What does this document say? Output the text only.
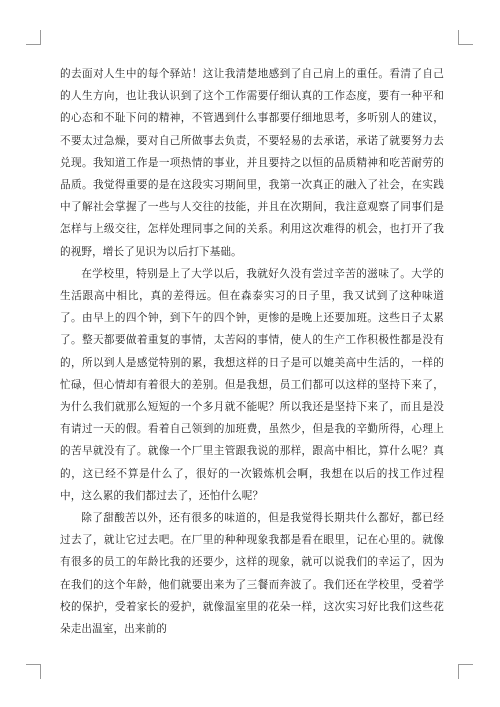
的去面对人生中的每个驿站！这让我清楚地感到了自己肩上的重任。看清了自己的人生方向，也让我认识到了这个工作需要仔细认真的工作态度，要有一种平和的心态和不耻下问的精神，不管遇到什么事都要仔细地思考，多听别人的建议，不要太过急燥，要对自己所做事去负责，不要轻易的去承诺，承诺了就要努力去兑现。我知道工作是一项热情的事业，并且要持之以恒的品质精神和吃苦耐劳的品质。我觉得重要的是在这段实习期间里，我第一次真正的融入了社会，在实践中了解社会掌握了一些与人交往的技能，并且在次期间，我注意观察了同事们是怎样与上级交往，怎样处理同事之间的关系。利用这次难得的机会，也打开了我的视野，增长了见识为以后打下基础。

在学校里，特别是上了大学以后，我就好久没有尝过辛苦的滋味了。大学的生活跟高中相比，真的差得远。但在森泰实习的日子里，我又试到了这种味道了。由早上的四个钟，到下午的四个钟，更惨的是晚上还要加班。这些日子太累了。整天都要做着重复的事情，太苦闷的事情，使人的生产工作积极性都是没有的，所以到人是感觉特别的累，我想这样的日子是可以媲美高中生活的，一样的忙碌，但心情却有着很大的差别。但是我想，员工们都可以这样的坚持下来了，为什么我们就那么短短的一个多月就不能呢？所以我还是坚持下来了，而且是没有请过一天的假。看着自己领到的加班费，虽然少，但是我的辛勤所得，心理上的苦早就没有了。就像一个厂里主管跟我说的那样，跟高中相比，算什么呢？真的，这已经不算是什么了，很好的一次锻炼机会啊，我想在以后的找工作过程中，这么累的我们都过去了，还怕什么呢？

除了甜酸苦以外，还有很多的味道的，但是我觉得长期共什么都好，都已经过去了，就让它过去吧。在厂里的种种现象我都是看在眼里，记在心里的。就像有很多的员工的年龄比我的还要少，这样的现象，就可以说我们的幸运了，因为在我们的这个年龄，他们就要出来为了三餐而奔波了。我们还在学校里，受着学校的保护，受着家长的爱护，就像温室里的花朵一样，这次实习好比我们这些花朵走出温室，出来前的
